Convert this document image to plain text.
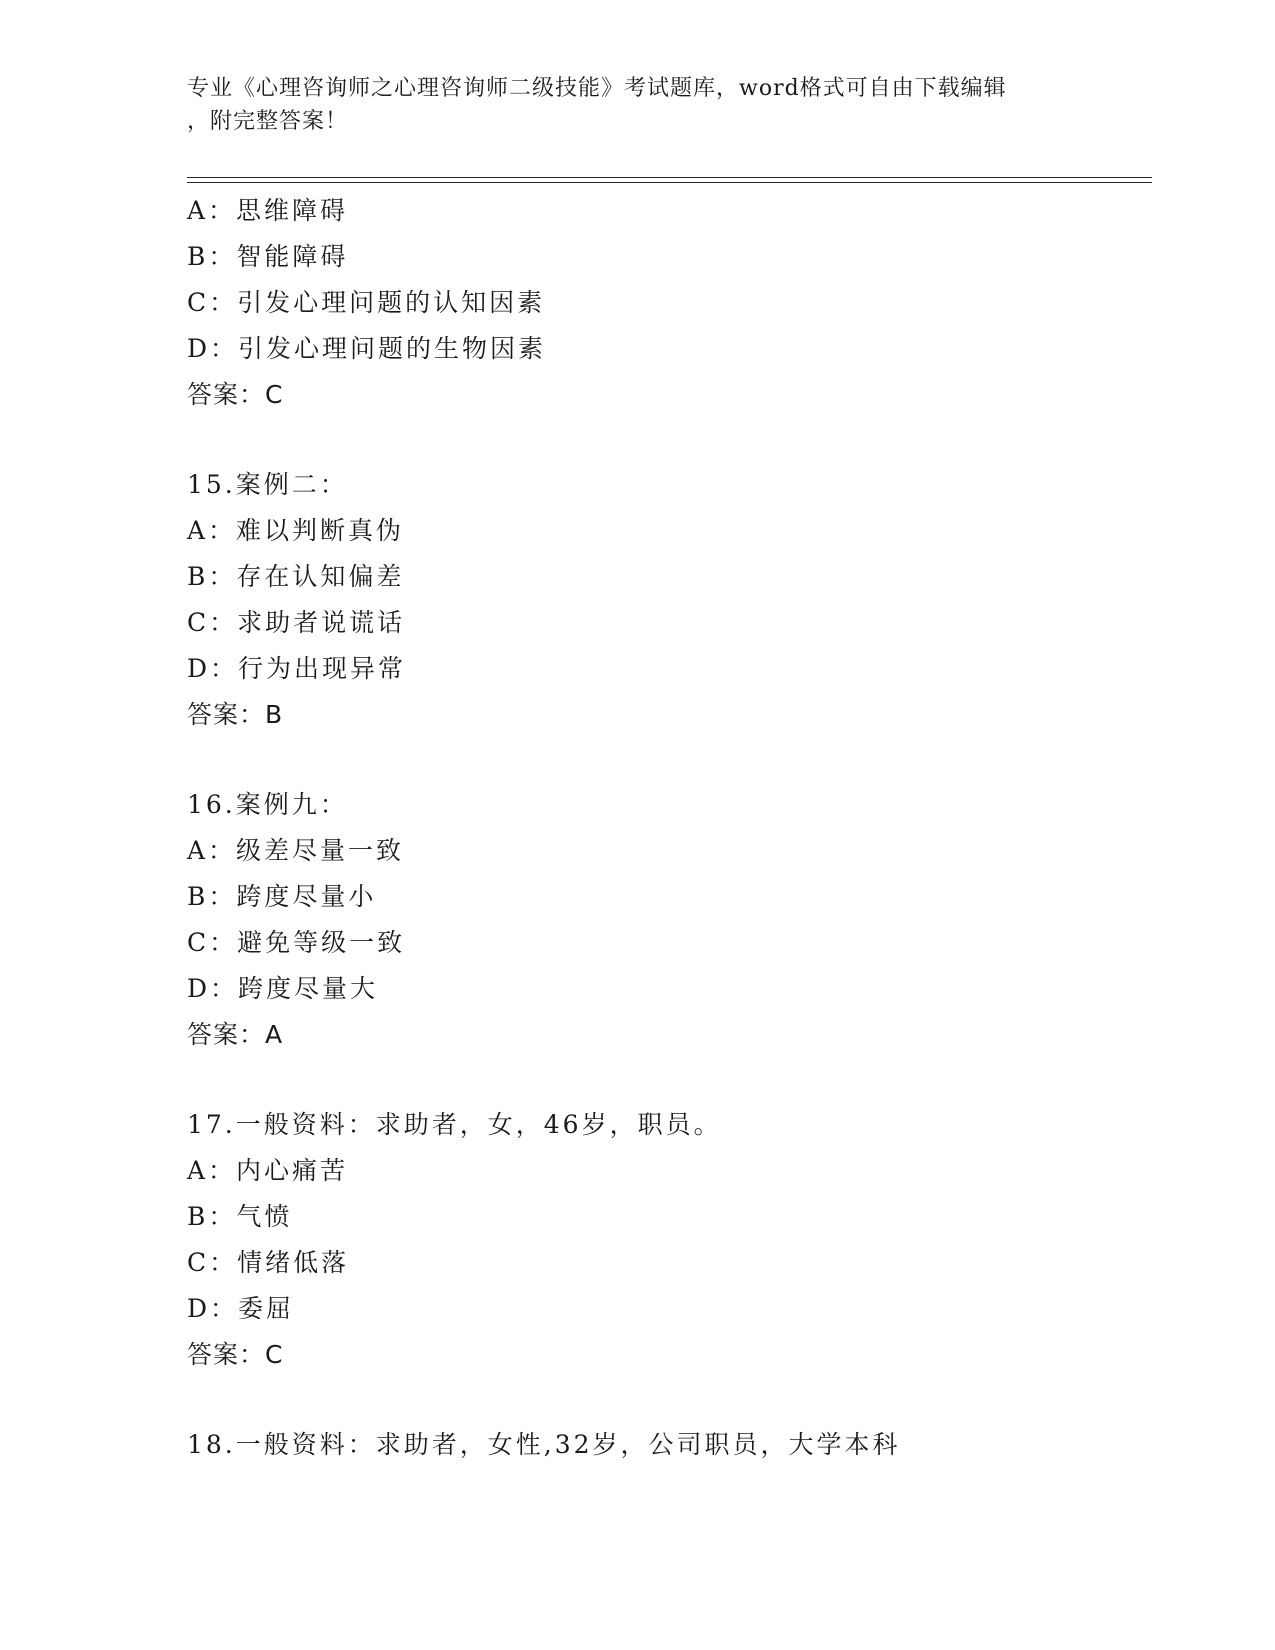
专业《心理咨询师之心理咨询师二级技能》考试题库，word格式可自由下载编辑
，附完整答案！
A：思维障碍
B：智能障碍
C：引发心理问题的认知因素
D：引发心理问题的生物因素
答案：C
15.案例二：
A：难以判断真伪
B：存在认知偏差
C：求助者说谎话
D：行为出现异常
答案：B
16.案例九：
A：级差尽量一致
B：跨度尽量小
C：避免等级一致
D：跨度尽量大
答案：A
17.一般资料：求助者，女，46岁，职员。
A：内心痛苦
B：气愤
C：情绪低落
D：委屈
答案：C
18.一般资料：求助者，女性,32岁，公司职员，大学本科
